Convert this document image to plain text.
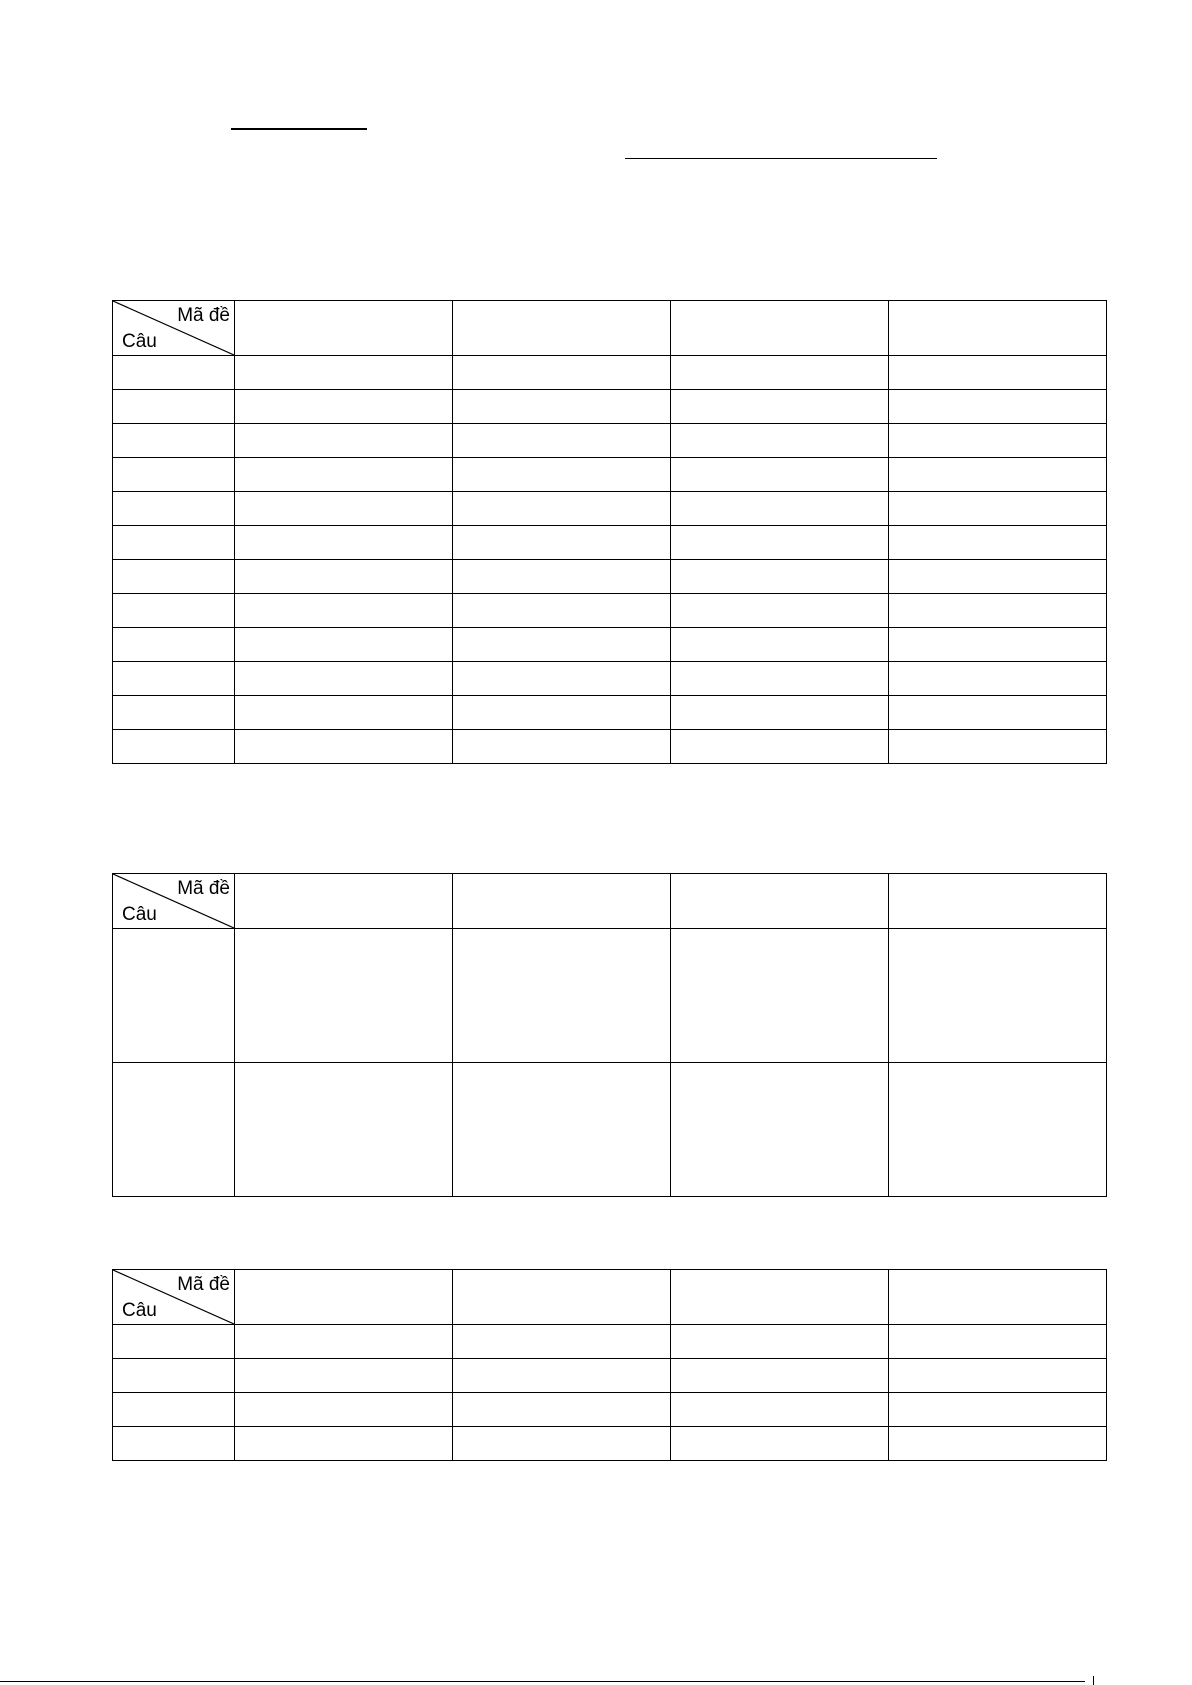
Mã đề
Câu				

Mã đề
Câu				

Mã đề
Câu				
